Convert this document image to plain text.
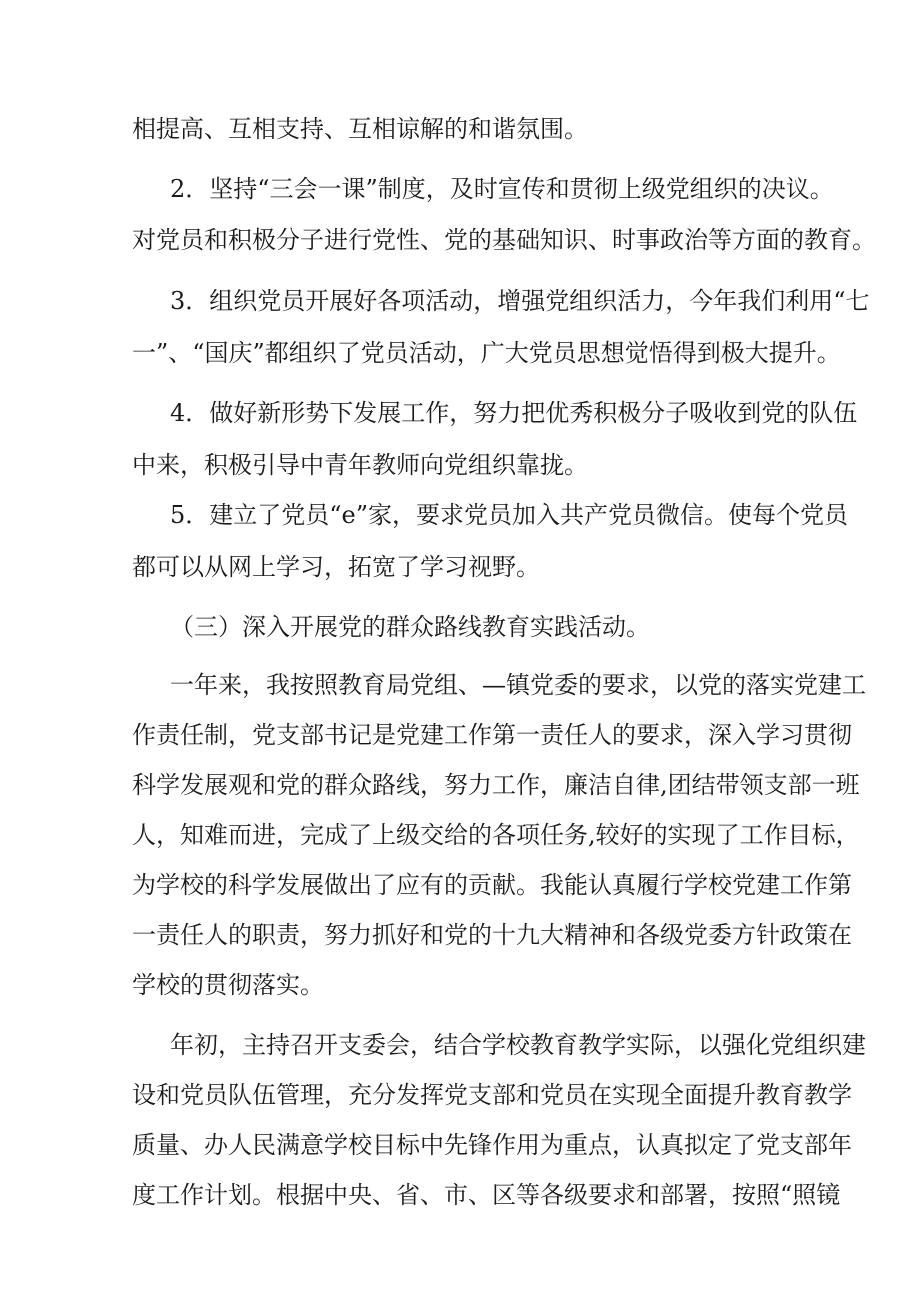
相提高、互相支持、互相谅解的和谐氛围。
2．坚持“三会一课”制度，及时宣传和贯彻上级党组织的决议。
对党员和积极分子进行党性、党的基础知识、时事政治等方面的教育。
3．组织党员开展好各项活动，增强党组织活力，今年我们利用“七
一”、“国庆”都组织了党员活动，广大党员思想觉悟得到极大提升。
4．做好新形势下发展工作，努力把优秀积极分子吸收到党的队伍
中来，积极引导中青年教师向党组织靠拢。
5．建立了党员“e”家，要求党员加入共产党员微信。使每个党员
都可以从网上学习，拓宽了学习视野。
（三）深入开展党的群众路线教育实践活动。
一年来，我按照教育局党组、—镇党委的要求，以党的落实党建工
作责任制，党支部书记是党建工作第一责任人的要求，深入学习贯彻
科学发展观和党的群众路线，努力工作，廉洁自律,团结带领支部一班
人，知难而进，完成了上级交给的各项任务,较好的实现了工作目标，
为学校的科学发展做出了应有的贡献。我能认真履行学校党建工作第
一责任人的职责，努力抓好和党的十九大精神和各级党委方针政策在
学校的贯彻落实。
年初，主持召开支委会，结合学校教育教学实际，以强化党组织建
设和党员队伍管理，充分发挥党支部和党员在实现全面提升教育教学
质量、办人民满意学校目标中先锋作用为重点，认真拟定了党支部年
度工作计划。根据中央、省、市、区等各级要求和部署，按照“照镜
